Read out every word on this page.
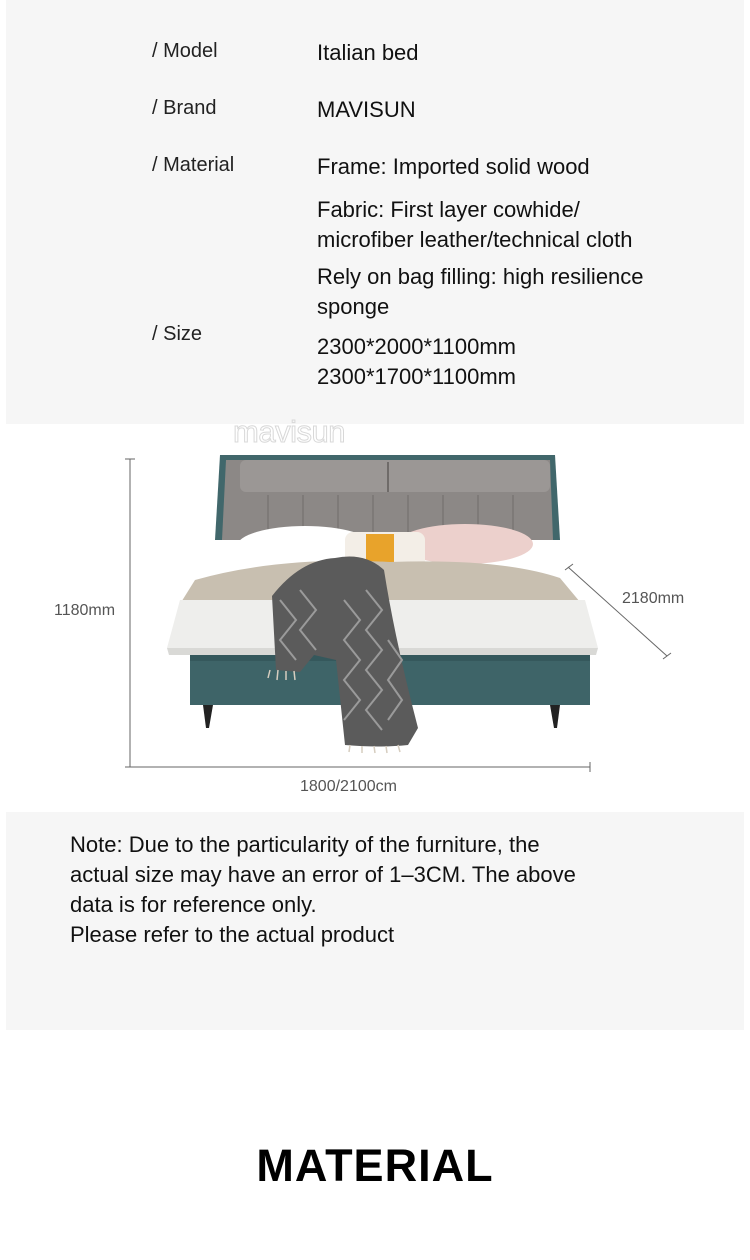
/ Model	Italian bed
/ Brand	MAVISUN
/ Material	Frame: Imported solid wood
Fabric: First layer cowhide/
microfiber leather/technical cloth
Rely on bag filling: high resilience
sponge
/ Size	2300*2000*1100mm
2300*1700*1100mm
mavisun
1180mm
2180mm
1800/2100cm
Note: Due to the particularity of the furniture, the
actual size may have an error of 1–3CM. The above
data is for reference only.
Please refer to the actual product
MATERIAL
